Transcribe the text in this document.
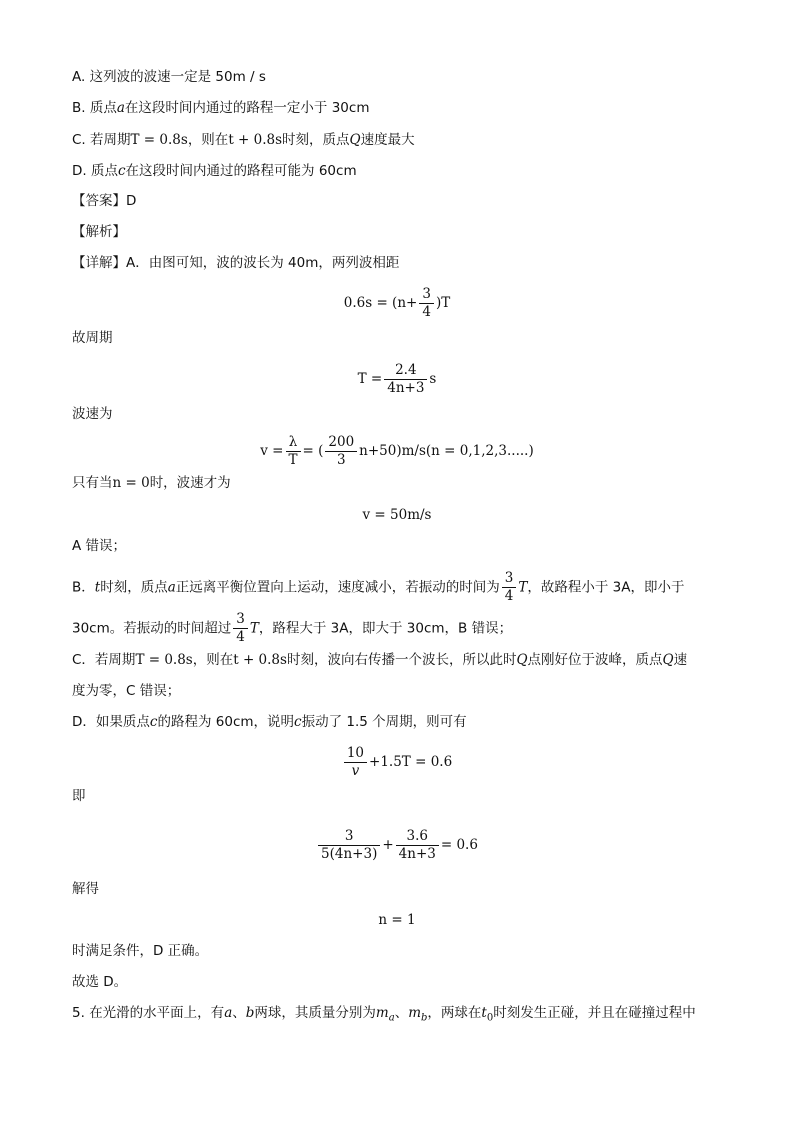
A. 这列波的波速一定是 50m / s
B. 质点a在这段时间内通过的路程一定小于 30cm
C. 若周期T = 0.8s，则在t + 0.8s时刻，质点Q速度最大
D. 质点c在这段时间内通过的路程可能为 60cm
【答案】D
【解析】
【详解】A．由图可知，波的波长为 40m，两列波相距
$0.6s = (n+ \frac{3}{4} )T$
故周期
$T = \frac{2.4}{4n+3}$ s
波速为
$v = \frac{\lambda}{T}$ = ( $\frac{200}{3} n+50)m/s(n = 0,1,2,3.....)$
只有当n = 0时，波速才为
v = 50m/s
A 错误；
B．t时刻，质点a正远离平衡位置向上运动，速度减小，若振动的时间为 $\frac{3}{4}$ T，故路程小于 3A，即小于
30cm。若振动的时间超过 $\frac{3}{4}$ T，路程大于 3A，即大于 30cm，B 错误；
C．若周期T = 0.8s，则在t + 0.8s时刻，波向右传播一个波长，所以此时Q点刚好位于波峰，质点Q速
度为零，C 错误；
D．如果质点c的路程为 60cm，说明c振动了 1.5 个周期，则可有
$\frac{10}{v} +1.5T = 0.6$
即
$\frac{3}{5(4n+3)} + \frac{3.6}{4n+3} = 0.6$
解得
n = 1
时满足条件，D 正确。
故选 D。
5. 在光滑的水平面上，有a、b两球，其质量分别为$m_a$、$m_b$，两球在$t_0$时刻发生正碰，并且在碰撞过程中
